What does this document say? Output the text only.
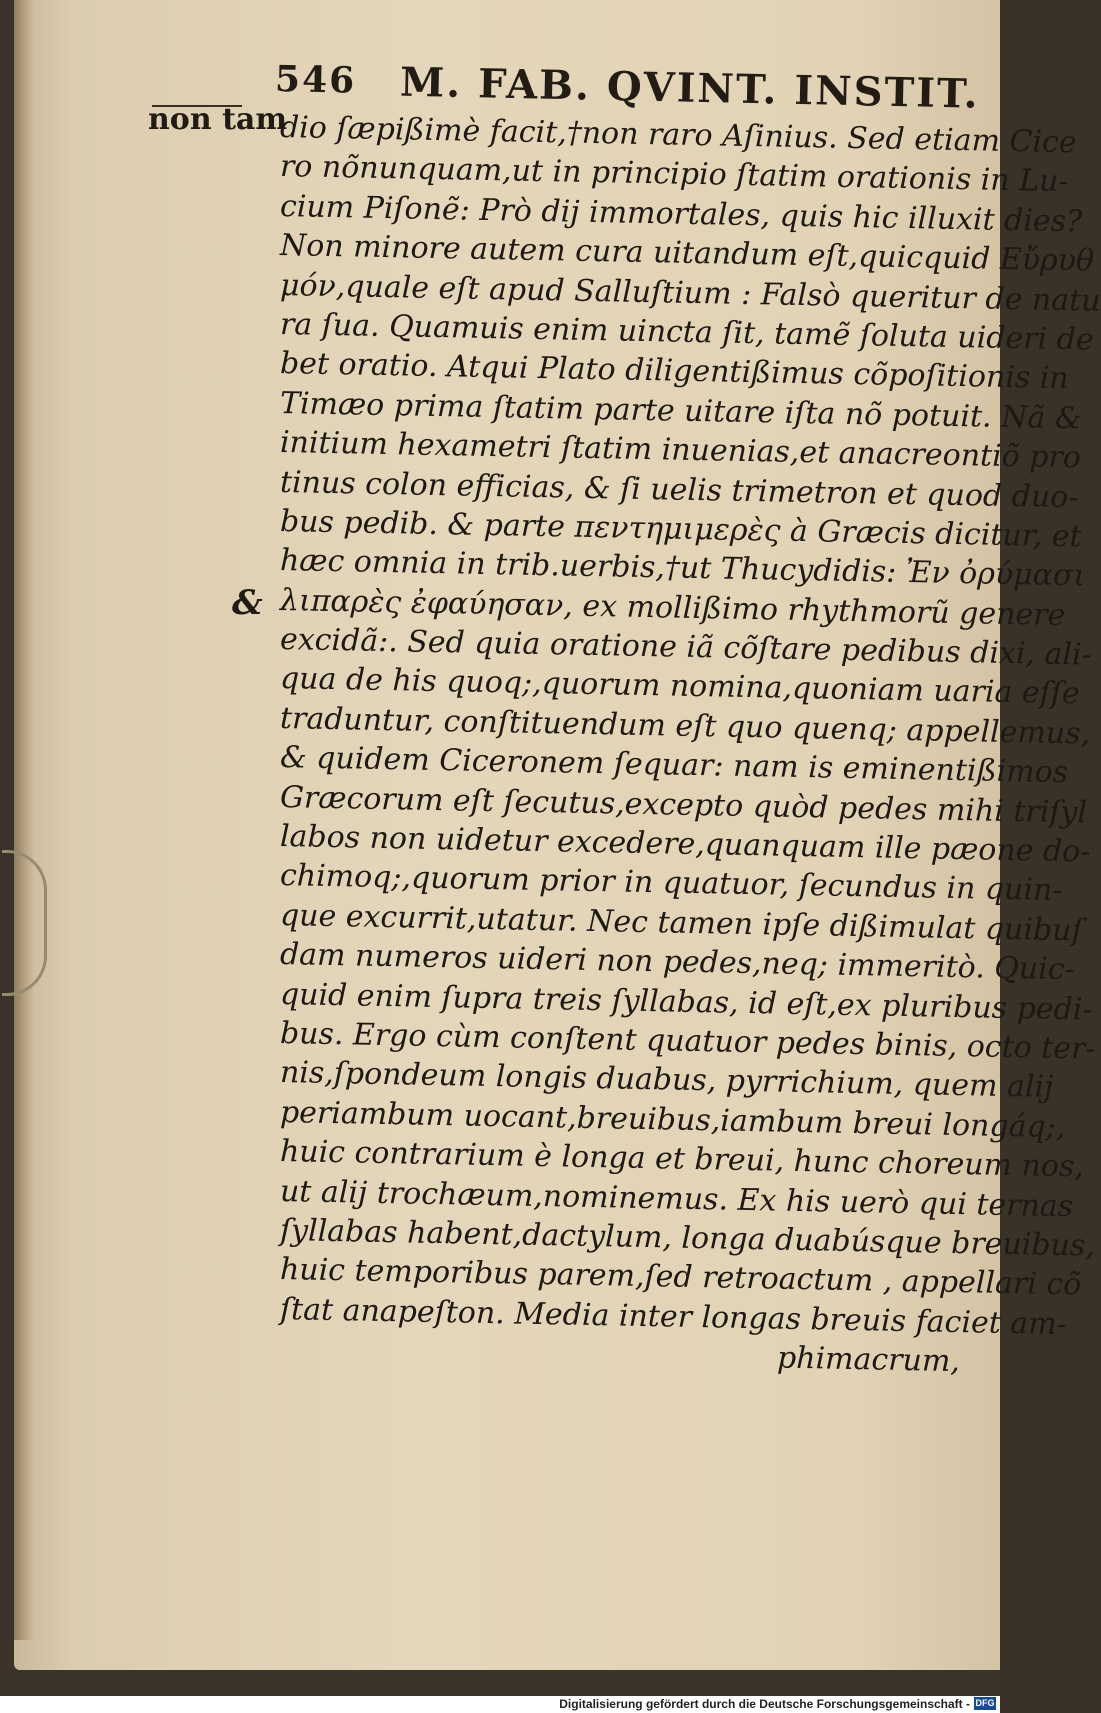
546 M. FAB. QVINT. INSTIT.
non tam
&
dio ſæpißimè facit,†non raro Aſinius. Sed etiam Cice
ro nõnunquam,ut in principio ſtatim orationis in Lu-
cium Piſonẽ: Prò dij immortales, quis hic illuxit dies?
Non minore autem cura uitandum eſt,quicquid Εὔρυθ
μόν,quale eſt apud Salluſtium : Falsò queritur de natu
ra ſua. Quamuis enim uincta ſit, tamẽ ſoluta uideri de
bet oratio. Atqui Plato diligentißimus cõpoſitionis in
Timæo prima ſtatim parte uitare iſta nõ potuit. Nã &
initium hexametri ſtatim inuenias,et anacreontiõ pro
tinus colon efficias, & ſi uelis trimetron et quod duo-
bus pedib. & parte πεντημιμερὲς à Græcis dicitur, et
hæc omnia in trib.uerbis,†ut Thucydidis: Ἐν ὀρύμασι
λιπαρὲς ἐφαύησαν, ex mollißimo rhythmorũ genere
excidã:. Sed quia oratione iã cõſtare pedibus dixi, ali-
qua de his quoq;,quorum nomina,quoniam uaria eſſe
traduntur, conſtituendum eſt quo quenq; appellemus,
& quidem Ciceronem ſequar: nam is eminentißimos
Græcorum eſt ſecutus,excepto quòd pedes mihi triſyl
labos non uidetur excedere,quanquam ille pæone do-
chimoq;,quorum prior in quatuor, ſecundus in quin-
que excurrit,utatur. Nec tamen ipſe dißimulat quibuſ
dam numeros uideri non pedes,neq; immeritò. Quic-
quid enim ſupra treis ſyllabas, id eſt,ex pluribus pedi-
bus. Ergo cùm conſtent quatuor pedes binis, octo ter-
nis,ſpondeum longis duabus, pyrrichium, quem alij
periambum uocant,breuibus,iambum breui longáq;,
huic contrarium è longa et breui, hunc choreum nos,
ut alij trochæum,nominemus. Ex his uerò qui ternas
ſyllabas habent,dactylum, longa duabúsque breuibus,
huic temporibus parem,ſed retroactum , appellari cõ
ſtat anapeſton. Media inter longas breuis faciet am-
phimacrum,
Digitalisierung gefördert durch die Deutsche Forschungsgemeinschaft - DFG
